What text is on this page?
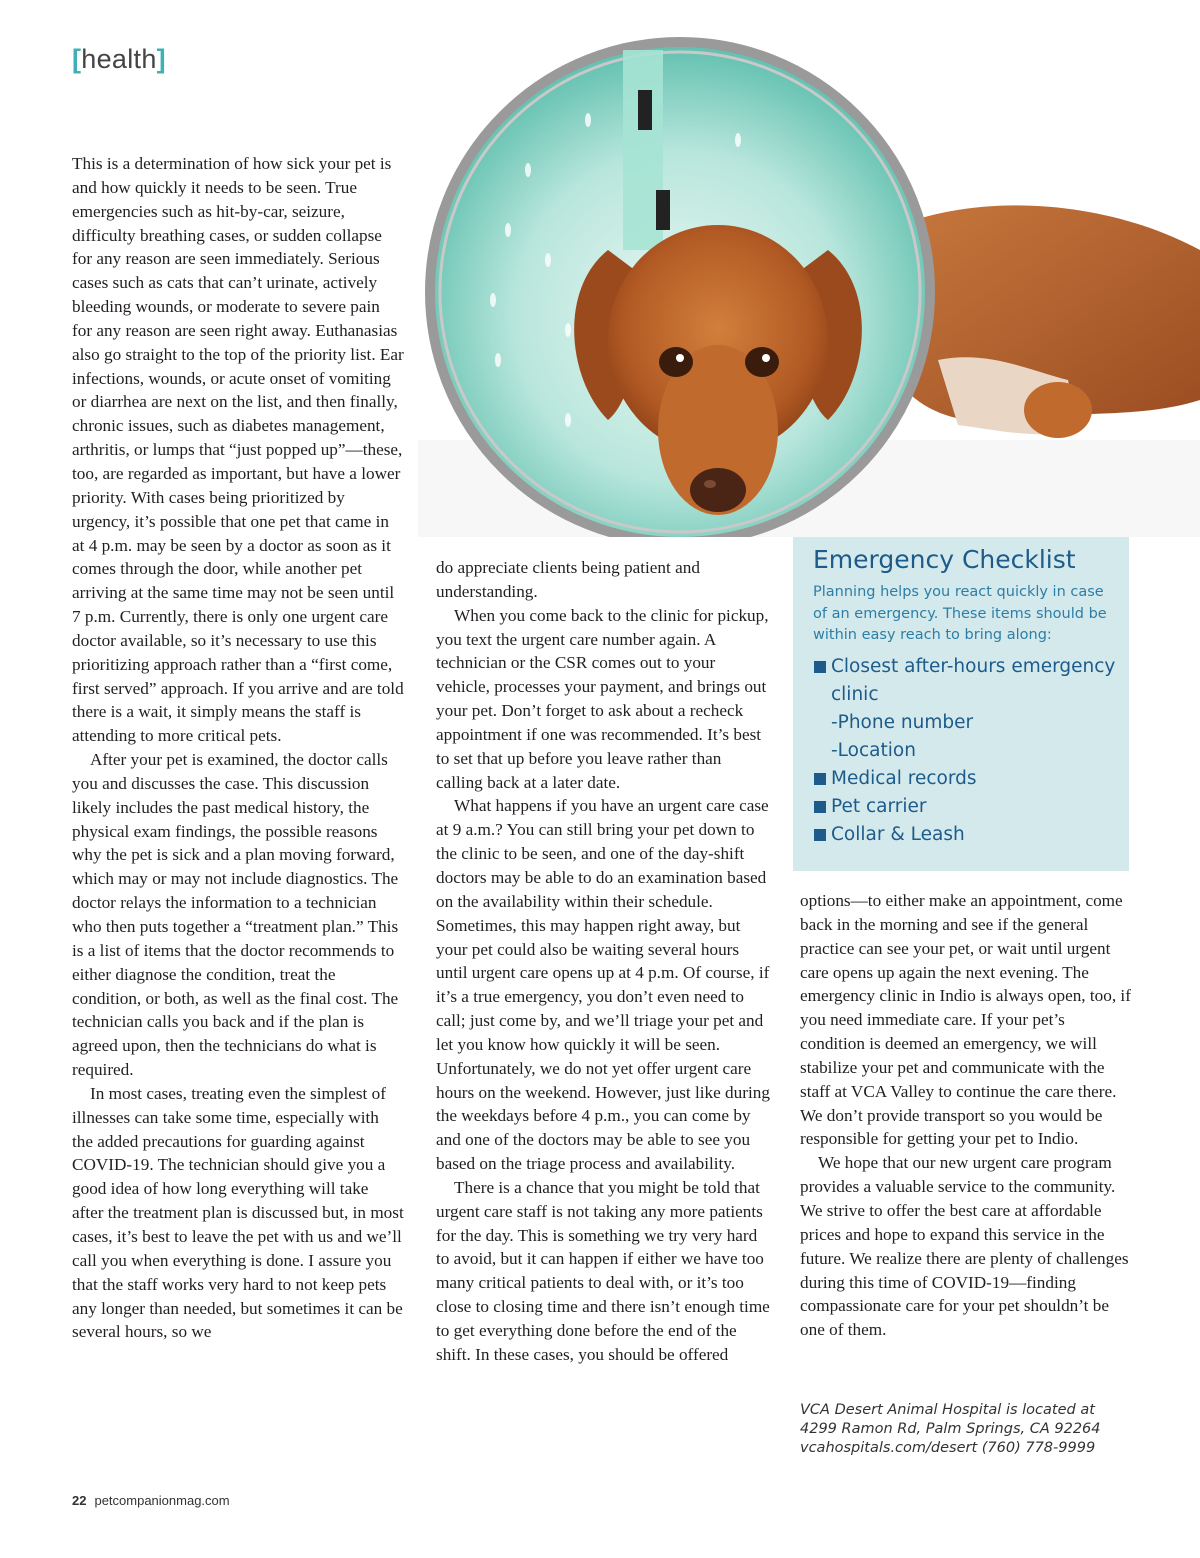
[health]

This is a determination of how sick your pet is and how quickly it needs to be seen. True emergencies such as hit-by-car, seizure, difficulty breathing cases, or sudden collapse for any reason are seen immediately. Serious cases such as cats that can’t urinate, actively bleeding wounds, or moderate to severe pain for any reason are seen right away. Euthanasias also go straight to the top of the priority list. Ear infections, wounds, or acute onset of vomiting or diarrhea are next on the list, and then finally, chronic issues, such as diabetes management, arthritis, or lumps that “just popped up”—these, too, are regarded as important, but have a lower priority. With cases being prioritized by urgency, it’s possible that one pet that came in at 4 p.m. may be seen by a doctor as soon as it comes through the door, while another pet arriving at the same time may not be seen until 7 p.m. Currently, there is only one urgent care doctor available, so it’s necessary to use this prioritizing approach rather than a “first come, first served” approach. If you arrive and are told there is a wait, it simply means the staff is attending to more critical pets.

After your pet is examined, the doctor calls you and discusses the case. This discussion likely includes the past medical history, the physical exam findings, the possible reasons why the pet is sick and a plan moving forward, which may or may not include diagnostics. The doctor relays the information to a technician who then puts together a “treatment plan.” This is a list of items that the doctor recommends to either diagnose the condition, treat the condition, or both, as well as the final cost. The technician calls you back and if the plan is agreed upon, then the technicians do what is required.

In most cases, treating even the simplest of illnesses can take some time, especially with the added precautions for guarding against COVID-19. The technician should give you a good idea of how long everything will take after the treatment plan is discussed but, in most cases, it’s best to leave the pet with us and we’ll call you when everything is done. I assure you that the staff works very hard to not keep pets any longer than needed, but sometimes it can be several hours, so we

do appreciate clients being patient and understanding.

When you come back to the clinic for pickup, you text the urgent care number again. A technician or the CSR comes out to your vehicle, processes your payment, and brings out your pet. Don’t forget to ask about a recheck appointment if one was recommended. It’s best to set that up before you leave rather than calling back at a later date.

What happens if you have an urgent care case at 9 a.m.? You can still bring your pet down to the clinic to be seen, and one of the day-shift doctors may be able to do an examination based on the availability within their schedule. Sometimes, this may happen right away, but your pet could also be waiting several hours until urgent care opens up at 4 p.m. Of course, if it’s a true emergency, you don’t even need to call; just come by, and we’ll triage your pet and let you know how quickly it will be seen. Unfortunately, we do not yet offer urgent care hours on the weekend. However, just like during the weekdays before 4 p.m., you can come by and one of the doctors may be able to see you based on the triage process and availability.

There is a chance that you might be told that urgent care staff is not taking any more patients for the day. This is something we try very hard to avoid, but it can happen if either we have too many critical patients to deal with, or it’s too close to closing time and there isn’t enough time to get everything done before the end of the shift. In these cases, you should be offered

Emergency Checklist

Planning helps you react quickly in case of an emergency. These items should be within easy reach to bring along:

Closest after-hours emergency clinic
-Phone number
-Location
Medical records
Pet carrier
Collar & Leash

options—to either make an appointment, come back in the morning and see if the general practice can see your pet, or wait until urgent care opens up again the next evening. The emergency clinic in Indio is always open, too, if you need immediate care. If your pet’s condition is deemed an emergency, we will stabilize your pet and communicate with the staff at VCA Valley to continue the care there. We don’t provide transport so you would be responsible for getting your pet to Indio.

We hope that our new urgent care program provides a valuable service to the community. We strive to offer the best care at affordable prices and hope to expand this service in the future. We realize there are plenty of challenges during this time of COVID-19—finding compassionate care for your pet shouldn’t be one of them.

VCA Desert Animal Hospital is located at
4299 Ramon Rd, Palm Springs, CA 92264
vcahospitals.com/desert (760) 778-9999
22 petcompanionmag.com
